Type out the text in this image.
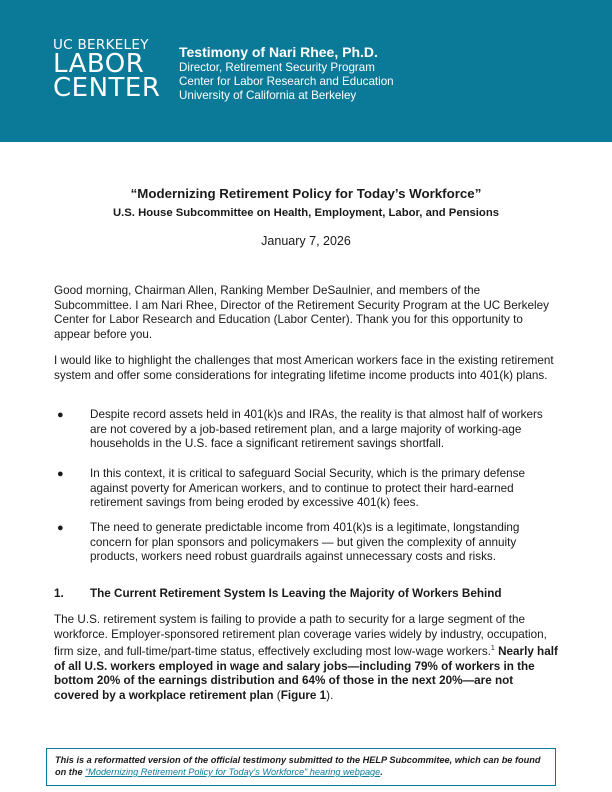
UC BERKELEY
LABOR
CENTER
Testimony of Nari Rhee, Ph.D.
Director, Retirement Security Program
Center for Labor Research and Education
University of California at Berkeley
“Modernizing Retirement Policy for Today’s Workforce”
U.S. House Subcommittee on Health, Employment, Labor, and Pensions
January 7, 2026

Good morning, Chairman Allen, Ranking Member DeSaulnier, and members of the Subcommittee. I am Nari Rhee, Director of the Retirement Security Program at the UC Berkeley Center for Labor Research and Education (Labor Center). Thank you for this opportunity to appear before you.

I would like to highlight the challenges that most American workers face in the existing retirement system and offer some considerations for integrating lifetime income products into 401(k) plans.

● Despite record assets held in 401(k)s and IRAs, the reality is that almost half of workers are not covered by a job-based retirement plan, and a large majority of working-age households in the U.S. face a significant retirement savings shortfall.
● In this context, it is critical to safeguard Social Security, which is the primary defense against poverty for American workers, and to continue to protect their hard-earned retirement savings from being eroded by excessive 401(k) fees.
● The need to generate predictable income from 401(k)s is a legitimate, longstanding concern for plan sponsors and policymakers — but given the complexity of annuity products, workers need robust guardrails against unnecessary costs and risks.
1. The Current Retirement System Is Leaving the Majority of Workers Behind

The U.S. retirement system is failing to provide a path to security for a large segment of the workforce. Employer-sponsored retirement plan coverage varies widely by industry, occupation, firm size, and full-time/part-time status, effectively excluding most low-wage workers.$^1$ Nearly half of all U.S. workers employed in wage and salary jobs—including 79% of workers in the bottom 20% of the earnings distribution and 64% of those in the next 20%—are not covered by a workplace retirement plan (Figure 1).

This is a reformatted version of the official testimony submitted to the HELP Subcommitee, which can be found on the “Modernizing Retirement Policy for Today’s Workforce” hearing webpage.
